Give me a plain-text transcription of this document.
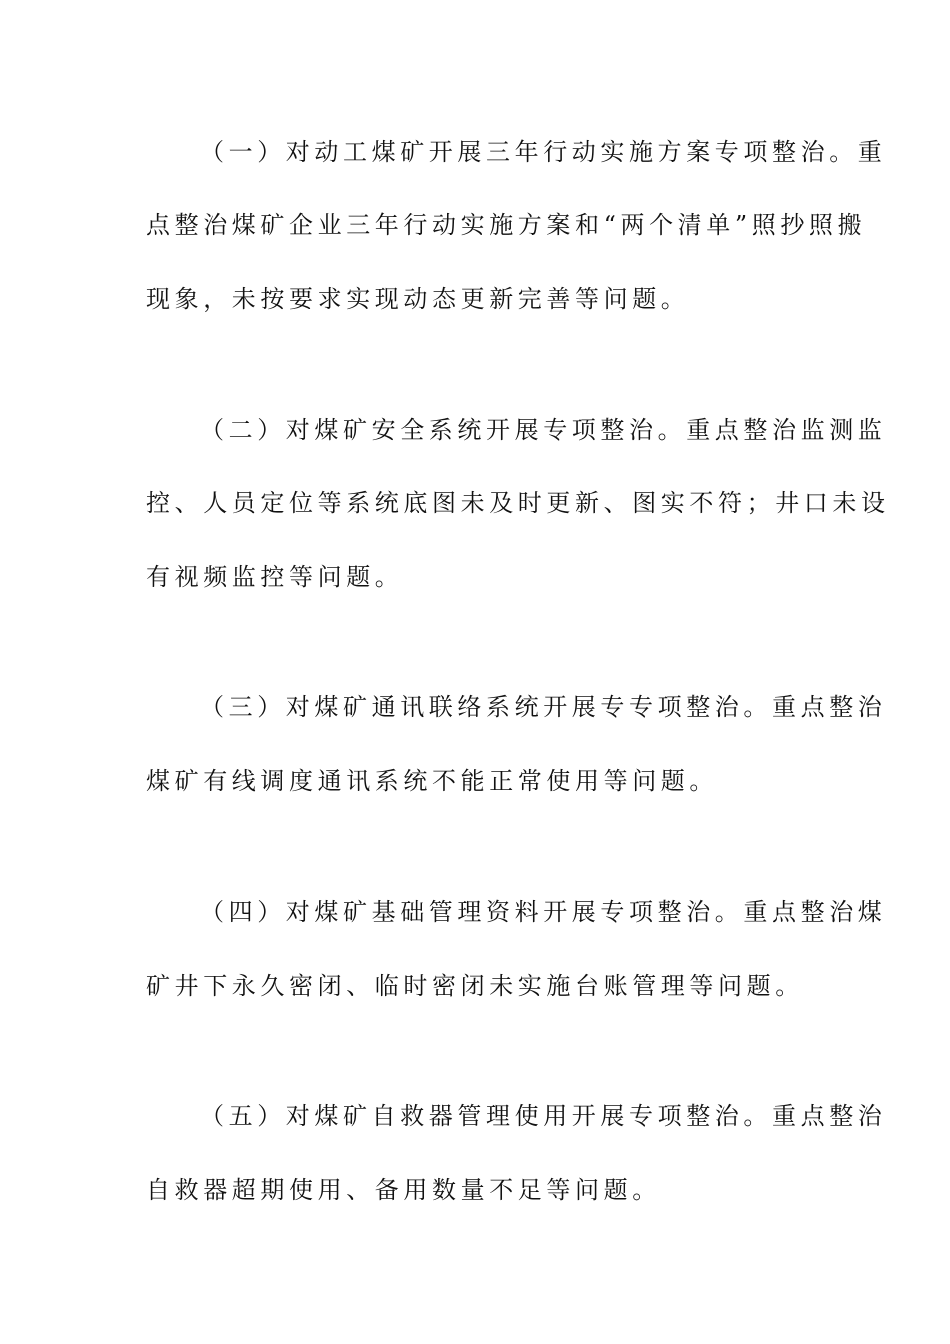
（一）对动工煤矿开展三年行动实施方案专项整治。重
点整治煤矿企业三年行动实施方案和“两个清单”照抄照搬
现象，未按要求实现动态更新完善等问题。
（二）对煤矿安全系统开展专项整治。重点整治监测监
控、人员定位等系统底图未及时更新、图实不符；井口未设
有视频监控等问题。
（三）对煤矿通讯联络系统开展专专项整治。重点整治
煤矿有线调度通讯系统不能正常使用等问题。
（四）对煤矿基础管理资料开展专项整治。重点整治煤
矿井下永久密闭、临时密闭未实施台账管理等问题。
（五）对煤矿自救器管理使用开展专项整治。重点整治
自救器超期使用、备用数量不足等问题。
